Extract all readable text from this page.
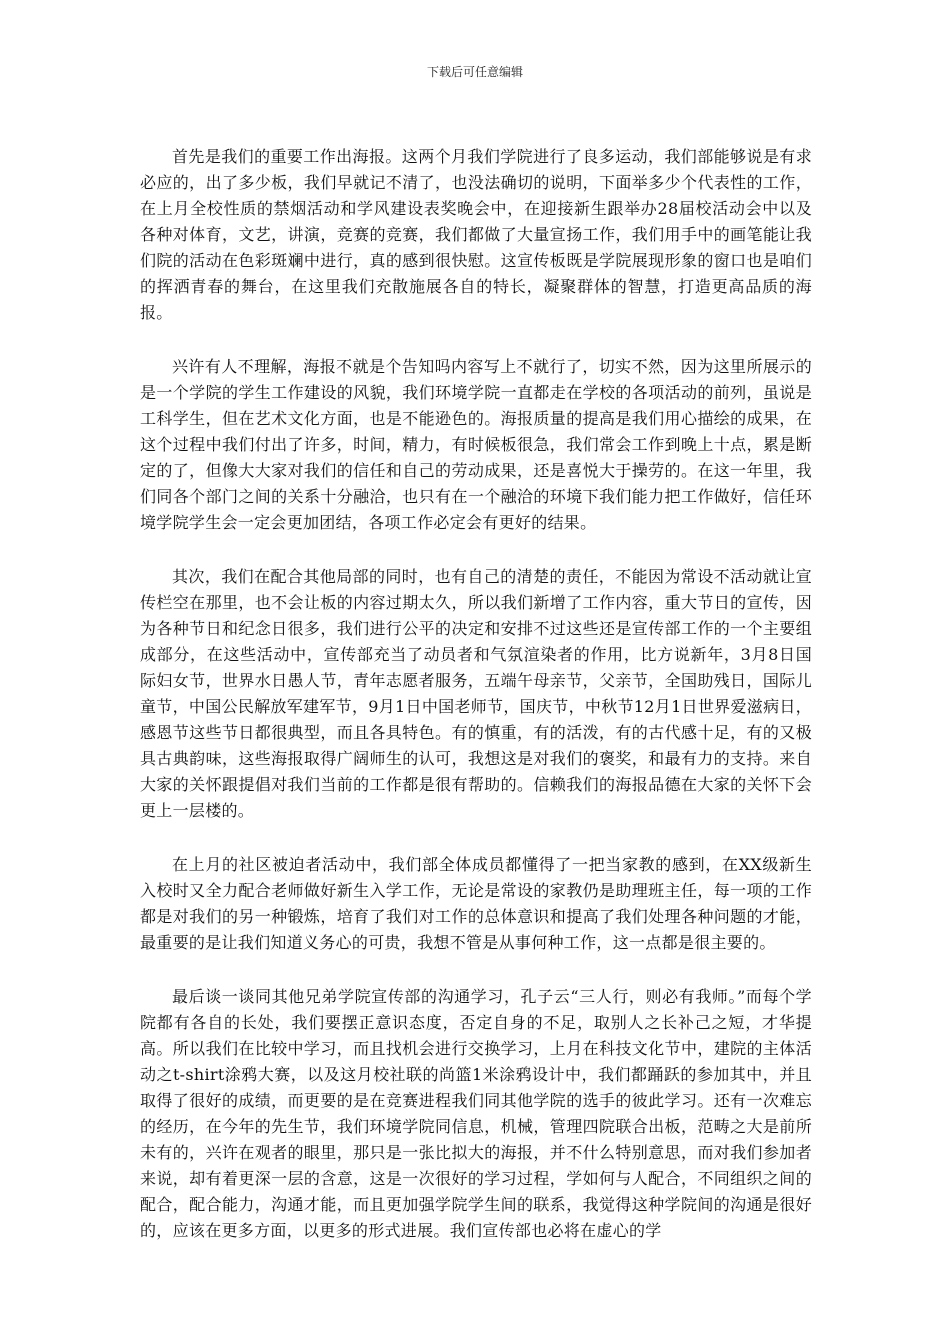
下载后可任意编辑

首先是我们的重要工作出海报。这两个月我们学院进行了良多运动，我们部能够说是有求必应的，出了多少板，我们早就记不清了，也没法确切的说明，下面举多少个代表性的工作，在上月全校性质的禁烟活动和学风建设表奖晚会中，在迎接新生跟举办28届校活动会中以及各种对体育，文艺，讲演，竞赛的竞赛，我们都做了大量宣扬工作，我们用手中的画笔能让我们院的活动在色彩斑斓中进行，真的感到很快慰。这宣传板既是学院展现形象的窗口也是咱们的挥洒青春的舞台，在这里我们充散施展各自的特长，凝聚群体的智慧，打造更高品质的海报。

兴许有人不理解，海报不就是个告知吗内容写上不就行了，切实不然，因为这里所展示的是一个学院的学生工作建设的风貌，我们环境学院一直都走在学校的各项活动的前列，虽说是工科学生，但在艺术文化方面，也是不能逊色的。海报质量的提高是我们用心描绘的成果，在这个过程中我们付出了许多，时间，精力，有时候板很急，我们常会工作到晚上十点，累是断定的了，但像大大家对我们的信任和自己的劳动成果，还是喜悦大于操劳的。在这一年里，我们同各个部门之间的关系十分融洽，也只有在一个融洽的环境下我们能力把工作做好，信任环境学院学生会一定会更加团结，各项工作必定会有更好的结果。

其次，我们在配合其他局部的同时，也有自己的清楚的责任，不能因为常设不活动就让宣传栏空在那里，也不会让板的内容过期太久，所以我们新增了工作内容，重大节日的宣传，因为各种节日和纪念日很多，我们进行公平的决定和安排不过这些还是宣传部工作的一个主要组成部分，在这些活动中，宣传部充当了动员者和气氛渲染者的作用，比方说新年，3月8日国际妇女节，世界水日愚人节，青年志愿者服务，五端午母亲节，父亲节，全国助残日，国际儿童节，中国公民解放军建军节，9月1日中国老师节，国庆节，中秋节12月1日世界爱滋病日，感恩节这些节日都很典型，而且各具特色。有的慎重，有的活泼，有的古代感十足，有的又极具古典韵味，这些海报取得广阔师生的认可，我想这是对我们的褒奖，和最有力的支持。来自大家的关怀跟提倡对我们当前的工作都是很有帮助的。信赖我们的海报品德在大家的关怀下会更上一层楼的。

在上月的社区被迫者活动中，我们部全体成员都懂得了一把当家教的感到，在XX级新生入校时又全力配合老师做好新生入学工作，无论是常设的家教仍是助理班主任，每一项的工作都是对我们的另一种锻炼，培育了我们对工作的总体意识和提高了我们处理各种问题的才能，最重要的是让我们知道义务心的可贵，我想不管是从事何种工作，这一点都是很主要的。

最后谈一谈同其他兄弟学院宣传部的沟通学习，孔子云“三人行，则必有我师。”而每个学院都有各自的长处，我们要摆正意识态度，否定自身的不足，取别人之长补己之短，才华提高。所以我们在比较中学习，而且找机会进行交换学习，上月在科技文化节中，建院的主体活动之t-shirt涂鸦大赛，以及这月校社联的尚篮1米涂鸦设计中，我们都踊跃的参加其中，并且取得了很好的成绩，而更要的是在竞赛进程我们同其他学院的选手的彼此学习。还有一次难忘的经历，在今年的先生节，我们环境学院同信息，机械，管理四院联合出板，范畴之大是前所未有的，兴许在观者的眼里，那只是一张比拟大的海报，并不什么特别意思，而对我们参加者来说，却有着更深一层的含意，这是一次很好的学习过程，学如何与人配合，不同组织之间的配合，配合能力，沟通才能，而且更加强学院学生间的联系，我觉得这种学院间的沟通是很好的，应该在更多方面，以更多的形式进展。我们宣传部也必将在虚心的学
